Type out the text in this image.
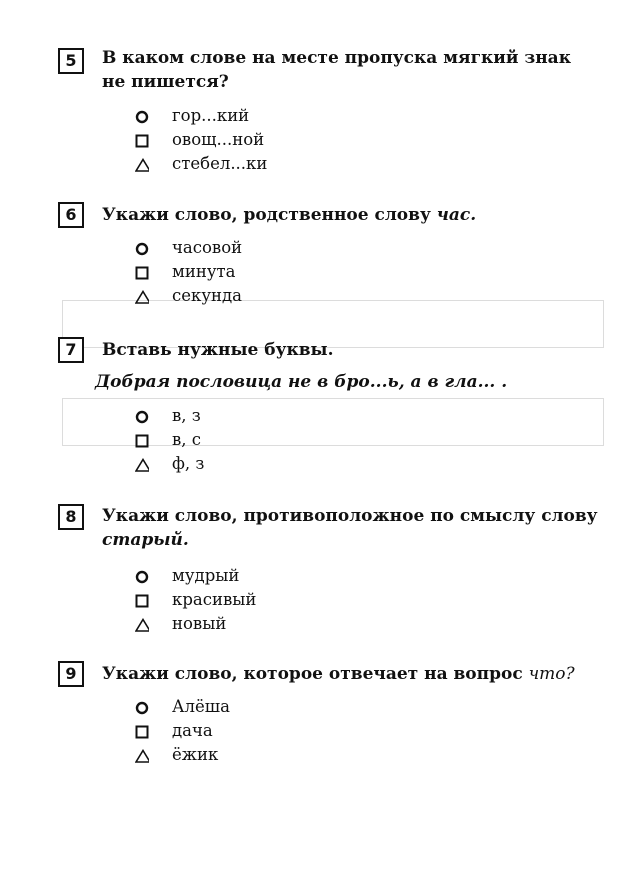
5	В каком слове на месте пропуска мягкий знак не пишется?
гор...кий
овощ...ной
стебел...ки
6	Укажи слово, родственное слову час.
часовой
минута
секунда
7	Вставь нужные буквы.
Добрая пословица не в бро...ь, а в гла... .
в, з
в, с
ф, з
8	Укажи слово, противоположное по смыслу слову
старый.
мудрый
красивый
новый
9	Укажи слово, которое отвечает на вопрос что?
Алёша
дача
ёжик
